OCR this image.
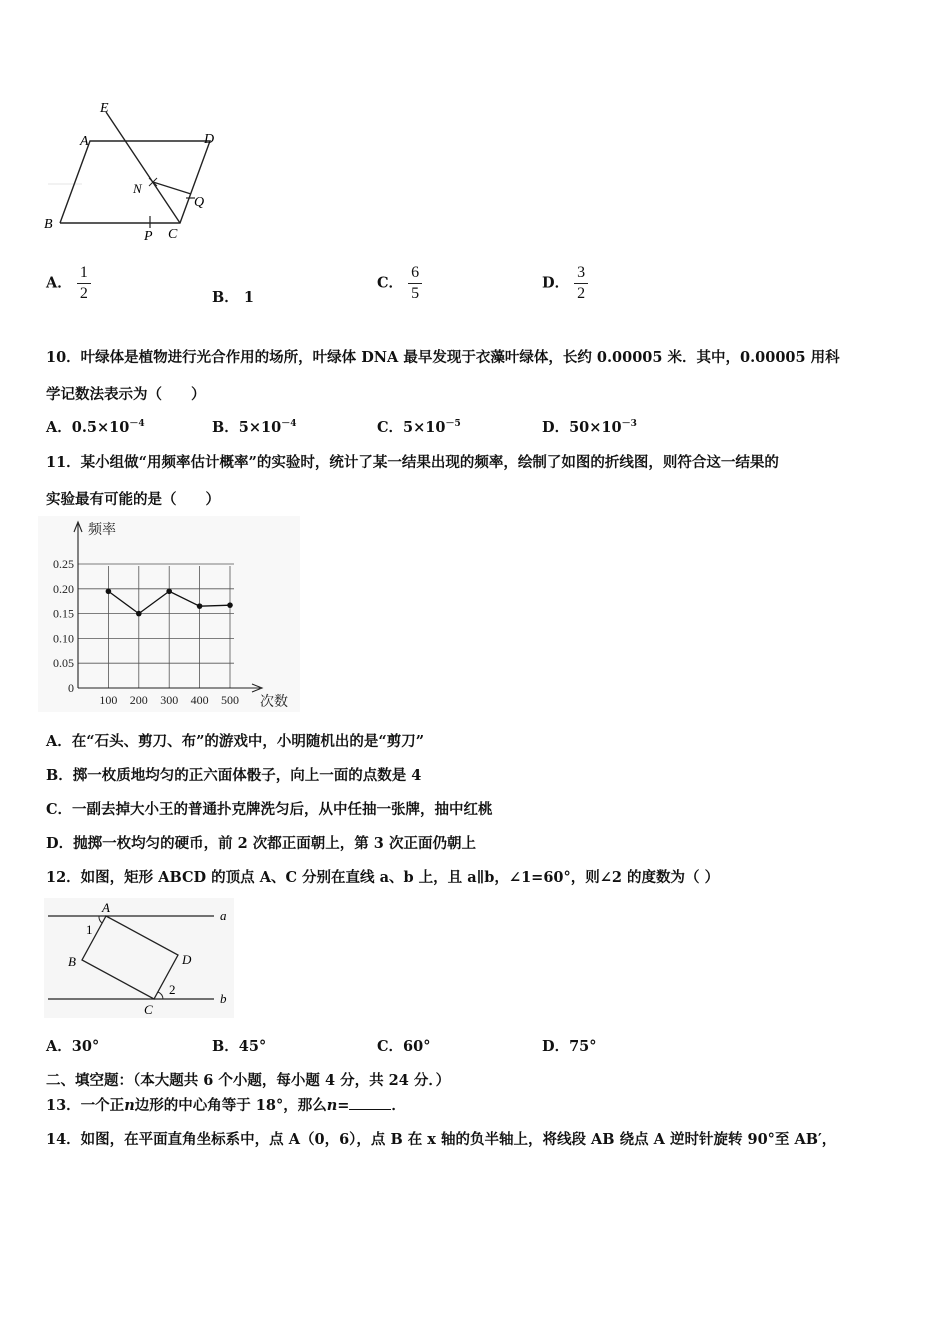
E
A	D
N
Q
B
P C
A． $\frac{1}{2}$	B． 1
C． $\frac{6}{5}$	D． $\frac{3}{2}$
10．叶绿体是植物进行光合作用的场所，叶绿体 DNA 最早发现于衣藻叶绿体，长约 0.00005 米．其中，0.00005 用科
学记数法表示为（　　）
A．$0.5\times 10^{-4}$	B．$5\times 10^{-4}$	C．$5\times 10^{-5}$	D．$50\times 10^{-3}$
11．某小组做“用频率估计概率”的实验时，统计了某一结果出现的频率，绘制了如图的折线图，则符合这一结果的
实验最有可能的是（　　）
0
0.05
0.10
0.15
0.20
0.25
100 200 300 400 500
频率
次数
A．在“石头、剪刀、布”的游戏中，小明随机出的是“剪刀”
B．掷一枚质地均匀的正六面体骰子，向上一面的点数是 4
C．一副去掉大小王的普通扑克牌洗匀后，从中任抽一张牌，抽中红桃
D．抛掷一枚均匀的硬币，前 2 次都正面朝上，第 3 次正面仍朝上
12．如图，矩形 ABCD 的顶点 A、C 分别在直线 a、b 上，且 a∥b，∠1=60°，则∠2 的度数为（ ）
A
B
C
D
a
b
1
2
A．30°	B．45°	C．60°	D．75°
二、填空题：（本大题共 6 个小题，每小题 4 分，共 24 分．）
13．一个正n边形的中心角等于 18°，那么n=	．
14．如图，在平面直角坐标系中，点 A（0，6），点 B 在 x 轴的负半轴上，将线段 AB 绕点 A 逆时针旋转 90°至 AB′，
